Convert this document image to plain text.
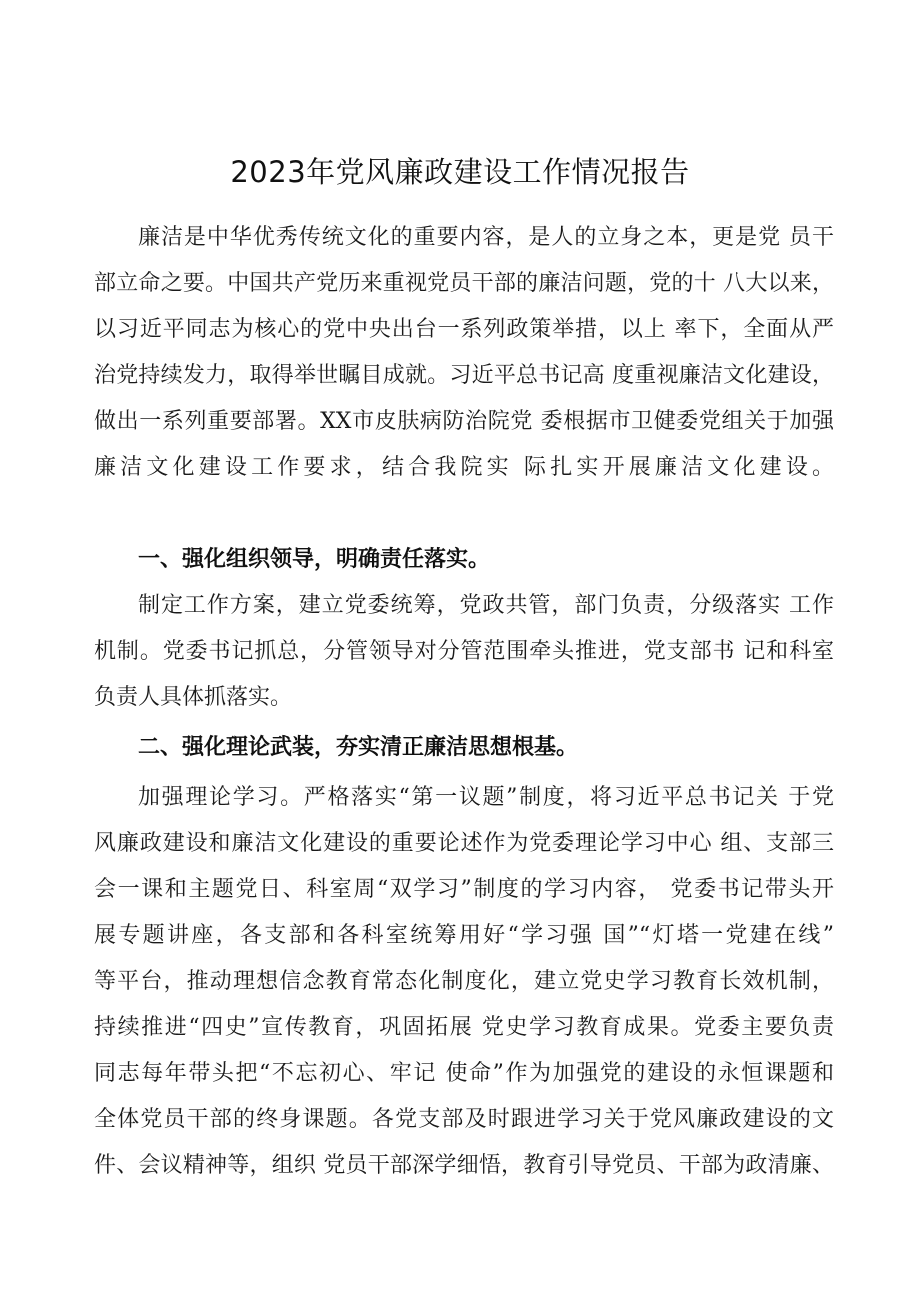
2023年党风廉政建设工作情况报告
廉洁是中华优秀传统文化的重要内容，是人的立身之本，更是党 员干
部立命之要。中国共产党历来重视党员干部的廉洁问题，党的十 八大以来，
以习近平同志为核心的党中央出台一系列政策举措，以上 率下，全面从严
治党持续发力，取得举世瞩目成就。习近平总书记高 度重视廉洁文化建设，
做出一系列重要部署。XX市皮肤病防治院党 委根据市卫健委党组关于加强
廉洁文化建设工作要求，结合我院实 际扎实开展廉洁文化建设。
一、强化组织领导，明确责任落实。
制定工作方案，建立党委统筹，党政共管，部门负责，分级落实 工作
机制。党委书记抓总，分管领导对分管范围牵头推进，党支部书 记和科室
负责人具体抓落实。
二、强化理论武装，夯实清正廉洁思想根基。
加强理论学习。严格落实“第一议题”制度，将习近平总书记关 于党
风廉政建设和廉洁文化建设的重要论述作为党委理论学习中心 组、支部三
会一课和主题党日、科室周“双学习”制度的学习内容， 党委书记带头开
展专题讲座，各支部和各科室统筹用好“学习强 国”“灯塔一党建在线”
等平台，推动理想信念教育常态化制度化，建立党史学习教育长效机制，
持续推进“四史”宣传教育，巩固拓展 党史学习教育成果。党委主要负责
同志每年带头把“不忘初心、牢记 使命”作为加强党的建设的永恒课题和
全体党员干部的终身课题。各党支部及时跟进学习关于党风廉政建设的文
件、会议精神等，组织 党员干部深学细悟，教育引导党员、干部为政清廉、
